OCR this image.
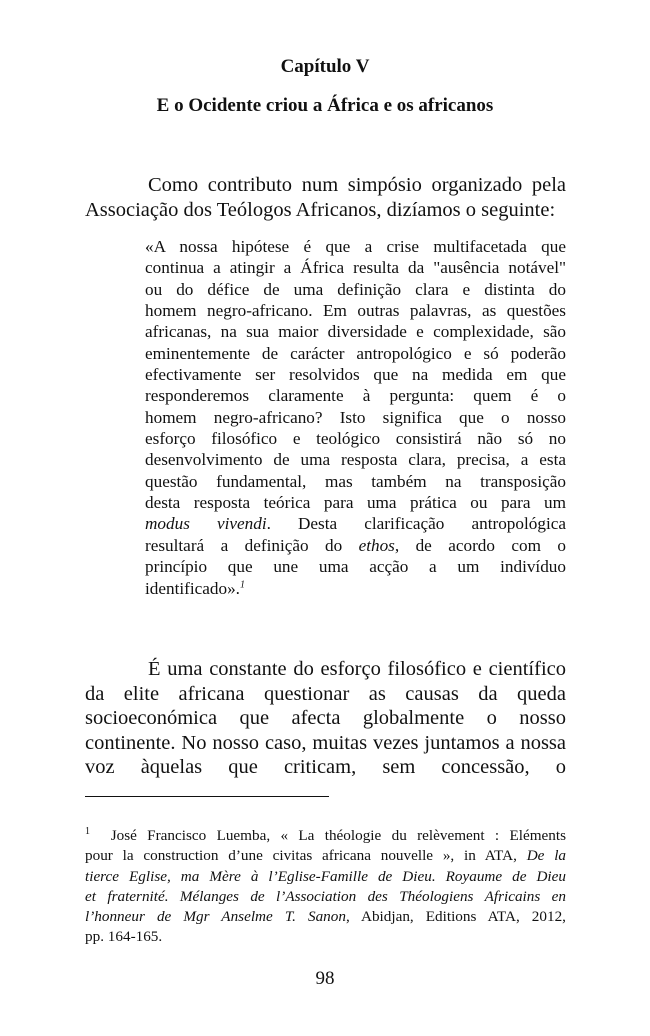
Capítulo V
E o Ocidente criou a África e os africanos

Como contributo num simpósio organizado pela
Associação dos Teólogos Africanos, dizíamos o seguinte:

«A nossa hipótese é que a crise multifacetada que
continua a atingir a África resulta da "ausência notável"
ou do défice de uma definição clara e distinta do
homem negro-africano. Em outras palavras, as questões
africanas, na sua maior diversidade e complexidade, são
eminentemente de carácter antropológico e só poderão
efectivamente ser resolvidos que na medida em que
responderemos claramente à pergunta: quem é o
homem negro-africano? Isto significa que o nosso
esforço filosófico e teológico consistirá não só no
desenvolvimento de uma resposta clara, precisa, a esta
questão fundamental, mas também na transposição
desta resposta teórica para uma prática ou para um
modus vivendi. Desta clarificação antropológica
resultará a definição do ethos, de acordo com o
princípio que une uma acção a um indivíduo
identificado».$^1$

É uma constante do esforço filosófico e científico
da elite africana questionar as causas da queda
socioeconómica que afecta globalmente o nosso
continente. No nosso caso, muitas vezes juntamos a nossa
voz àquelas que criticam, sem concessão, o

$^1$ José Francisco Luemba, « La théologie du relèvement : Eléments
pour la construction d’une civitas africana nouvelle », in ATA, De la
tierce Eglise, ma Mère à l’Eglise-Famille de Dieu. Royaume de Dieu
et fraternité. Mélanges de l’Association des Théologiens Africains en
l’honneur de Mgr Anselme T. Sanon, Abidjan, Editions ATA, 2012,
pp. 164-165.

98
